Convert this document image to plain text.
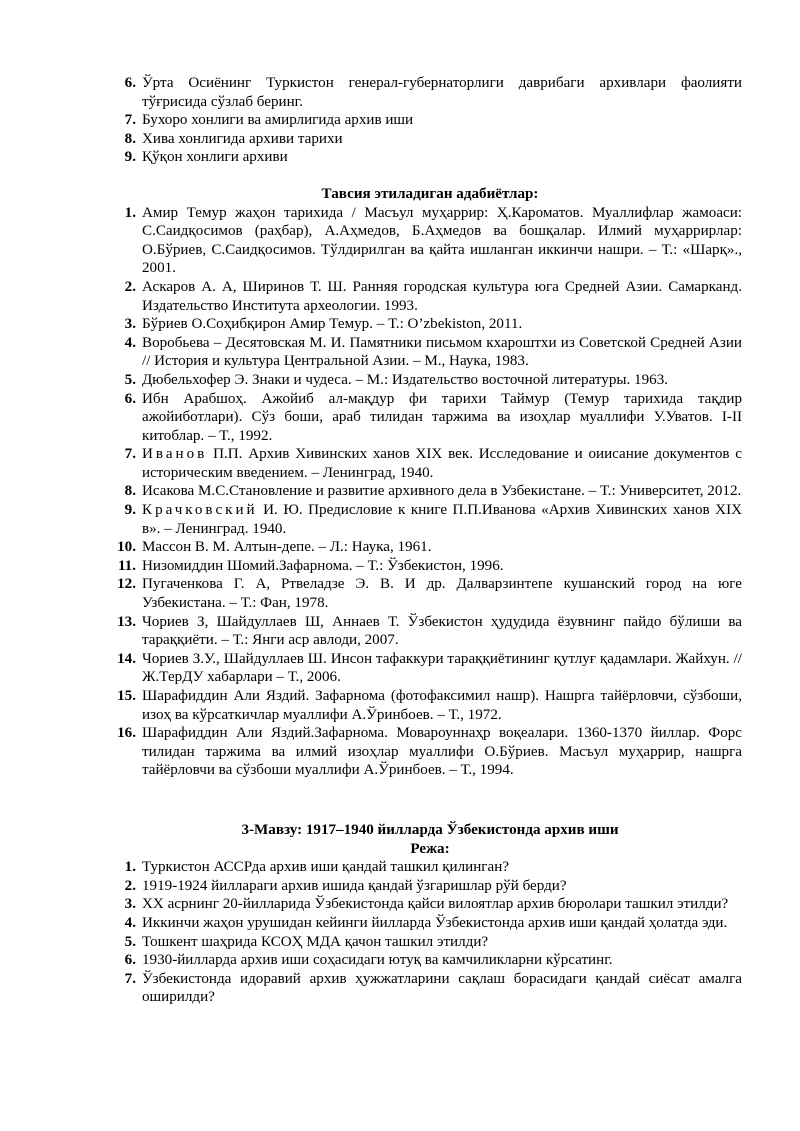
6. Ўрта Осиёнинг Туркистон генерал-губернаторлиги даврибаги архивлари фаолияти тўғрисида сўзлаб беринг.
7. Бухоро хонлиги ва амирлигида архив иши
8. Хива хонлигида архиви тарихи
9. Қўқон хонлиги архиви

Тавсия этиладиган адабиётлар:

1. Амир Темур жаҳон тарихида / Масъул муҳаррир: Ҳ.Кароматов. Муаллифлар жамоаси: С.Саидқосимов (раҳбар), А.Аҳмедов, Б.Аҳмедов ва бошқалар. Илмий муҳаррирлар: О.Бўриев, С.Саидқосимов. Тўлдирилган ва қайта ишланган иккинчи нашри. – Т.: «Шарқ»., 2001.
2. Аскаров А. А, Ширинов Т. Ш. Ранняя городская культура юга Средней Азии. Самарканд. Издательство Института археологии. 1993.
3. Бўриев О.Соҳибқирон Амир Темур. – Т.: O’zbekiston, 2011.
4. Воробьева – Десятовская М. И. Памятники письмом кхароштхи из Советской Средней Азии // История и культура Центральной Азии. – М., Наука, 1983.
5. Дюбельхофер Э. Знаки и чудеса. – М.: Издательство восточной литературы. 1963.
6. Ибн Арабшоҳ. Ажойиб ал-мақдур фи тарихи Таймур (Темур тарихида тақдир ажойиботлари). Сўз боши, араб тилидан таржима ва изоҳлар муаллифи У.Уватов. I-II китоблар. – Т., 1992.
7. Иванов П.П. Архив Хивинских ханов XIX век. Исследование и оиисание документов с историческим введением. – Ленинград, 1940.
8. Исакова М.С.Становление и развитие архивного дела в Узбекистане. – Т.: Университет, 2012.
9. Крачковский И. Ю. Предисловие к книге П.П.Иванова «Архив Хивинских ханов XIX в». – Ленинград. 1940.
10. Массон В. М. Алтын-депе. – Л.: Наука, 1961.
11. Низомиддин Шомий.Зафарнома. – Т.: Ўзбекистон, 1996.
12. Пугаченкова Г. А, Ртвеладзе Э. В. И др. Далварзинтепе кушанский город на юге Узбекистана. – Т.: Фан, 1978.
13. Чориев З, Шайдуллаев Ш, Аннаев Т. Ўзбекистон ҳудудида ёзувнинг пайдо бўлиши ва тараққиёти. – Т.: Янги аср авлоди, 2007.
14. Чориев З.У., Шайдуллаев Ш. Инсон тафаккури тараққиётининг қутлуғ қадамлари. Жайхун. // Ж.ТерДУ хабарлари – Т., 2006.
15. Шарафиддин Али Яздий. Зафарнома (фотофаксимил нашр). Нашрга тайёрловчи, сўзбоши, изоҳ ва кўрсаткичлар муаллифи А.Ўринбоев. – Т., 1972.
16. Шарафиддин Али Яздий.Зафарнома. Мовароуннаҳр воқеалари. 1360-1370 йиллар. Форс тилидан таржима ва илмий изоҳлар муаллифи О.Бўриев. Масъул муҳаррир, нашрга тайёрловчи ва сўзбоши муаллифи А.Ўринбоев. – Т., 1994.

3-Мавзу: 1917–1940 йилларда Ўзбекистонда архив иши

Режа:

1. Туркистон АССРда архив иши қандай ташкил қилинган?
2. 1919-1924 йиллараги архив ишида қандай ўзгаришлар рўй берди?
3. XX асрнинг 20-йилларида Ўзбекистонда қайси вилоятлар архив бюролари ташкил этилди?
4. Иккинчи жаҳон урушидан кейинги йилларда Ўзбекистонда архив иши қандай ҳолатда эди.
5. Тошкент шаҳрида КСОҲ МДА қачон ташкил этилди?
6. 1930-йилларда архив иши соҳасидаги ютуқ ва камчиликларни кўрсатинг.
7. Ўзбекистонда идоравий архив ҳужжатларини сақлаш борасидаги қандай сиёсат амалга оширилди?
